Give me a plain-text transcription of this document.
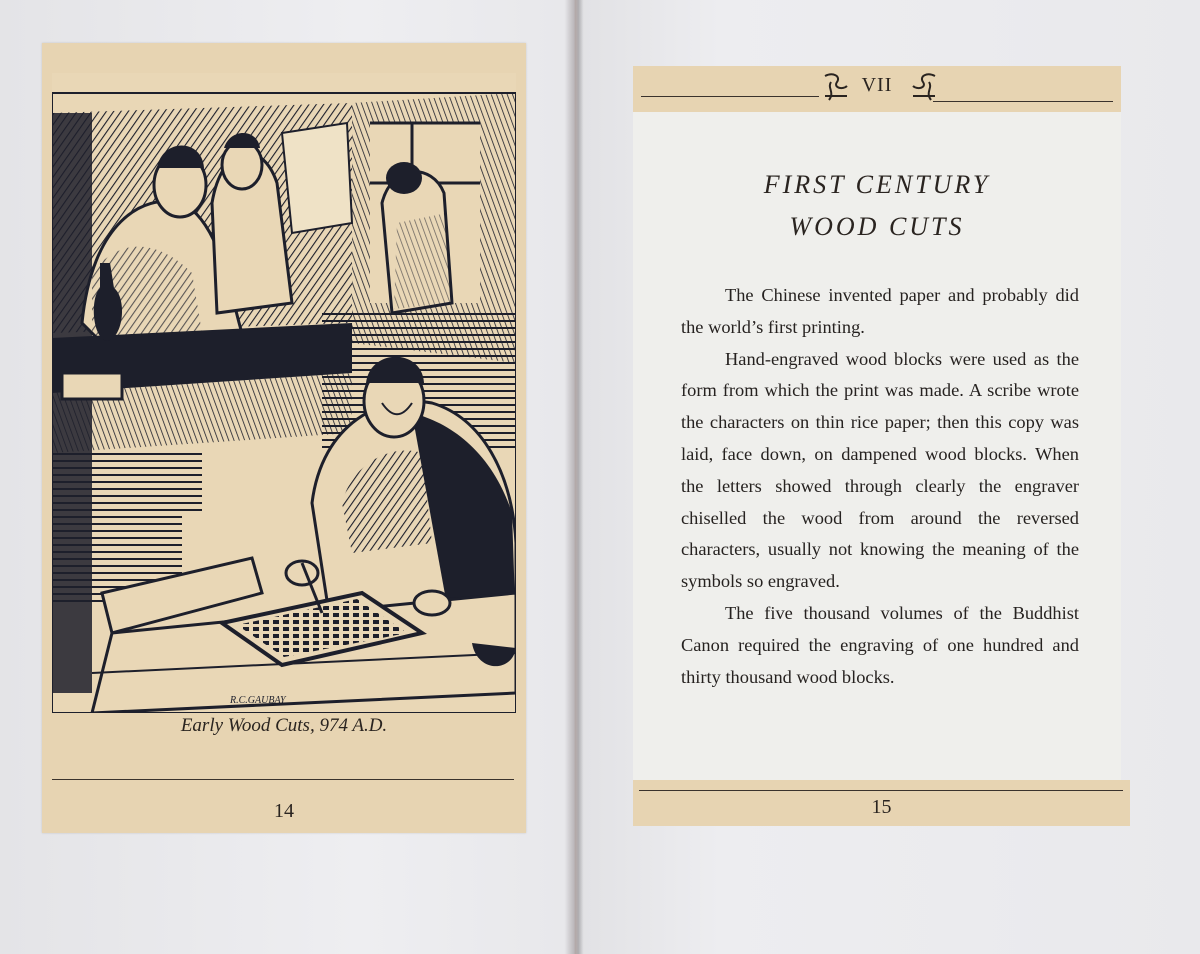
R.C.GAUBAY
Early Wood Cuts, 974 A.D.
14
VII
FIRST CENTURY
WOOD CUTS

The Chinese invented paper and probably did the world’s first printing.

Hand-engraved wood blocks were used as the form from which the print was made. A scribe wrote the characters on thin rice paper; then this copy was laid, face down, on dampened wood blocks. When the letters showed through clearly the engraver chiselled the wood from around the reversed characters, usually not knowing the meaning of the symbols so engraved.

The five thousand volumes of the Buddhist Canon required the engraving of one hundred and thirty thousand wood blocks.

15
